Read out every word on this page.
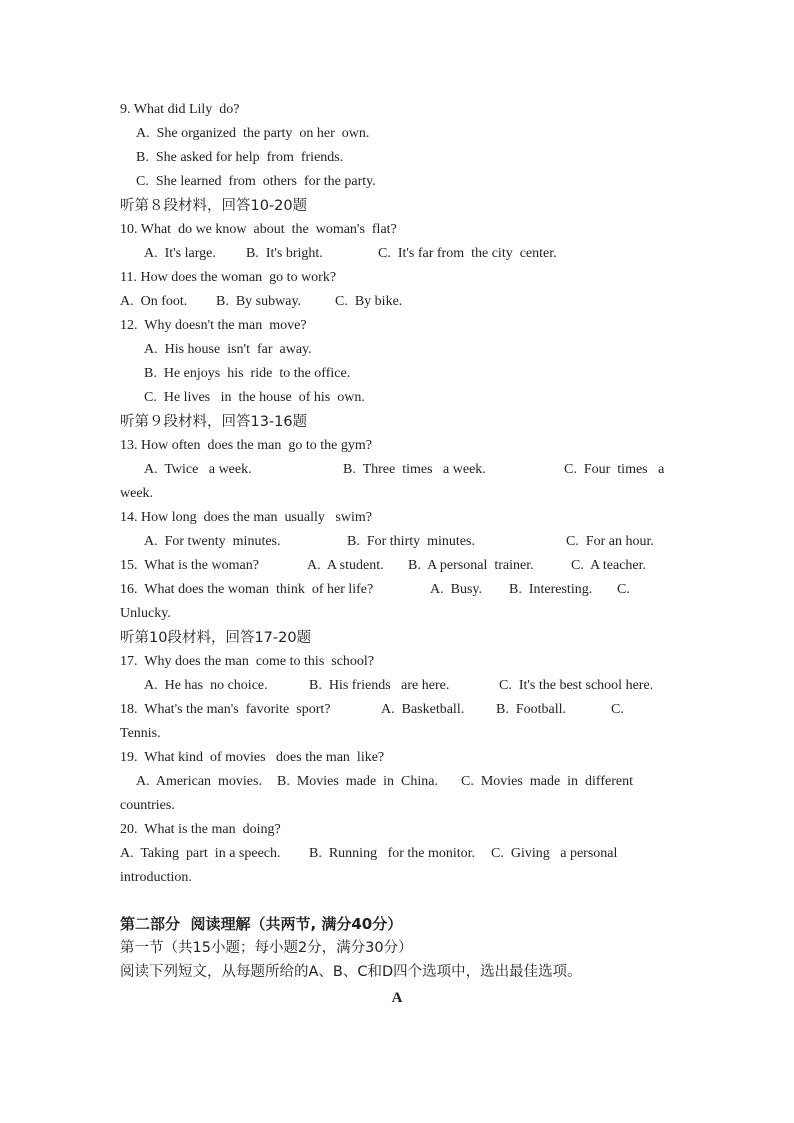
9. What did Lily  do?
A.  She organized  the party  on her  own.
B.  She asked for help  from  friends.
C.  She learned  from  others  for the party.
听第８段材料，回答10-20题
10. What  do we know  about  the  woman's  flat?
A.  It's large. B.  It's bright.	C.  It's far from  the city  center.
11. How does the woman  go to work?
A.  On foot. B.  By subway. C.  By bike.
12.  Why doesn't the man  move?
A.  His house  isn't  far  away.
B.  He enjoys  his  ride  to the office.
C.  He lives   in  the house  of his  own.
听第９段材料，回答13-16题
13. How often  does the man  go to the gym?
A.  Twice   a week.	B.  Three  times   a week.	C.  Four  times   a
week.
14. How long  does the man  usually   swim?
A.  For twenty  minutes.	B.  For thirty  minutes.	C.  For an hour.
15.  What is the woman?	A.  A student. B.  A personal  trainer.	C.  A teacher.
16.  What does the woman  think  of her life?	A.  Busy. B.  Interesting. C.
Unlucky.
听第10段材料，回答17-20题
17.  Why does the man  come to this  school?
A.  He has  no choice.	B.  His friends   are here.	C.  It's the best school here.
18.  What's the man's  favorite  sport?	A.  Basketball. B.  Football.	C.
Tennis.
19.  What kind  of movies   does the man  like?
A.  American  movies. B.  Movies  made  in  China. C.  Movies  made  in  different
countries.
20.  What is the man  doing?
A.  Taking  part  in a speech. B.  Running   for the monitor. C.  Giving   a personal
introduction.
第二部分  阅读理解（共两节, 满分40分）
第一节（共15小题；每小题2分，满分30分）
阅读下列短文，从每题所给的A、B、C和D四个选项中，选出最佳选项。
A
